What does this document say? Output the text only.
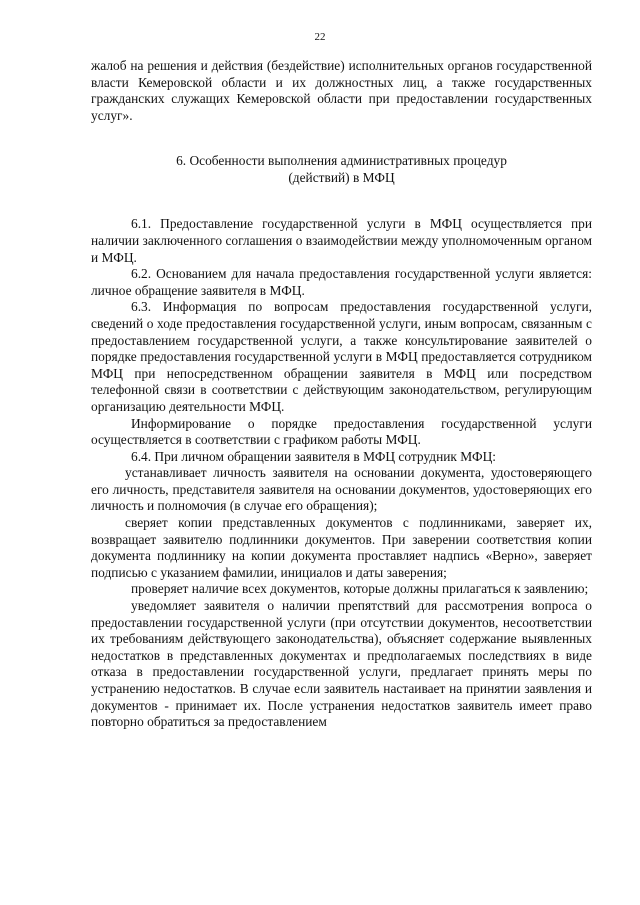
22

жалоб на решения и действия (бездействие) исполнительных органов государственной власти Кемеровской области и их должностных лиц, а также государственных гражданских служащих Кемеровской области при предоставлении государственных услуг».

6. Особенности выполнения административных процедур
(действий) в МФЦ

6.1. Предоставление государственной услуги в МФЦ осуществляется при наличии заключенного соглашения о взаимодействии между уполномоченным органом и МФЦ.

6.2. Основанием для начала предоставления государственной услуги является: личное обращение заявителя в МФЦ.

6.3. Информация по вопросам предоставления государственной услуги, сведений о ходе предоставления государственной услуги, иным вопросам, связанным с предоставлением государственной услуги, а также консультирование заявителей о порядке предоставления государственной услуги в МФЦ предоставляется сотрудником МФЦ при непосредственном обращении заявителя в МФЦ или посредством телефонной связи в соответствии с действующим законодательством, регулирующим организацию деятельности МФЦ.

Информирование о порядке предоставления государственной услуги осуществляется в соответствии с графиком работы МФЦ.

6.4. При личном обращении заявителя в МФЦ сотрудник МФЦ:

устанавливает личность заявителя на основании документа, удостоверяющего его личность, представителя заявителя на основании документов, удостоверяющих его личность и полномочия (в случае его обращения);

сверяет копии представленных документов с подлинниками, заверяет их, возвращает заявителю подлинники документов. При заверении соответствия копии документа подлиннику на копии документа проставляет надпись «Верно», заверяет подписью с указанием фамилии, инициалов и даты заверения;

проверяет наличие всех документов, которые должны прилагаться к заявлению;

уведомляет заявителя о наличии препятствий для рассмотрения вопроса о предоставлении государственной услуги (при отсутствии документов, несоответствии их требованиям действующего законодательства), объясняет содержание выявленных недостатков в представленных документах и предполагаемых последствиях в виде отказа в предоставлении государственной услуги, предлагает принять меры по устранению недостатков. В случае если заявитель настаивает на принятии заявления и документов - принимает их. После устранения недостатков заявитель имеет право повторно обратиться за предоставлением
